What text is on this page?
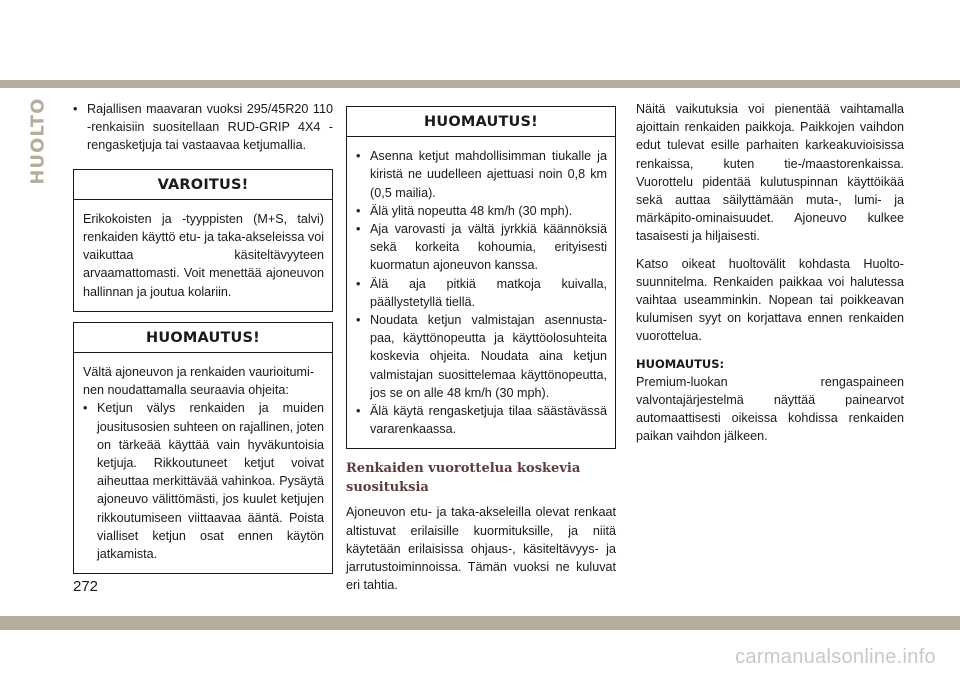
HUOLTO

•	Rajallisen maavaran vuoksi 295/45R20 110 -renkaisiin suositellaan RUD-GRIP 4X4 -rengasketjuja tai vastaavaa ketjumallia.

VAROITUS!

Erikokoisten ja -tyyppisten (M+S, talvi) renkaiden käyttö etu- ja taka-akseleissa voi vaikuttaa käsiteltävyyteen arvaamattomasti. Voit menettää ajoneuvon hallinnan ja joutua kolariin.

HUOMAUTUS!

Vältä ajoneuvon ja renkaiden vaurioitumi-nen noudattamalla seuraavia ohjeita:

• Ketjun välys renkaiden ja muiden jousitusosien suhteen on rajallinen, joten on tärkeää käyttää vain hyväkuntoisia ketjuja. Rikkoutuneet ketjut voivat aiheuttaa merkittävää vahinkoa. Pysäytä ajoneuvo välittömästi, jos kuulet ketjujen rikkoutumiseen viittaavaa ääntä. Poista vialliset ketjun osat ennen käytön jatkamista.
HUOMAUTUS!
• Asenna ketjut mahdollisimman tiukalle ja kiristä ne uudelleen ajettuasi noin 0,8 km (0,5 mailia).
• Älä ylitä nopeutta 48 km/h (30 mph).
• Aja varovasti ja vältä jyrkkiä käännöksiä sekä korkeita kohoumia, erityisesti kuormatun ajoneuvon kanssa.
• Älä aja pitkiä matkoja kuivalla, päällystetyllä tiellä.
• Noudata ketjun valmistajan asennusta-paa, käyttönopeutta ja käyttöolosuhteita koskevia ohjeita. Noudata aina ketjun valmistajan suosittelemaa käyttönopeutta, jos se on alle 48 km/h (30 mph).
• Älä käytä rengasketjuja tilaa säästävässä vararenkaassa.
Renkaiden vuorottelua koskevia suosituksia

Ajoneuvon etu- ja taka-akseleilla olevat renkaat altistuvat erilaisille kuormituksille, ja niitä käytetään erilaisissa ohjaus-, käsiteltävyys- ja jarrutustoiminnoissa. Tämän vuoksi ne kuluvat eri tahtia.

Näitä vaikutuksia voi pienentää vaihtamalla ajoittain renkaiden paikkoja. Paikkojen vaihdon edut tulevat esille parhaiten karkeakuvioisissa renkaissa, kuten tie-/maastorenkaissa. Vuorottelu pidentää kulutuspinnan käyttöikää sekä auttaa säilyttämään muta-, lumi- ja märkäpito-ominaisuudet. Ajoneuvo kulkee tasaisesti ja hiljaisesti.

Katso oikeat huoltovälit kohdasta Huolto-suunnitelma. Renkaiden paikkaa voi halutessa vaihtaa useamminkin. Nopean tai poikkeavan kulumisen syyt on korjattava ennen renkaiden vuorottelua.

HUOMAUTUS:

Premium-luokan rengaspaineen valvontajärjestelmä näyttää painearvot automaattisesti oikeissa kohdissa renkaiden paikan vaihdon jälkeen.

272
carmanualsonline.info
